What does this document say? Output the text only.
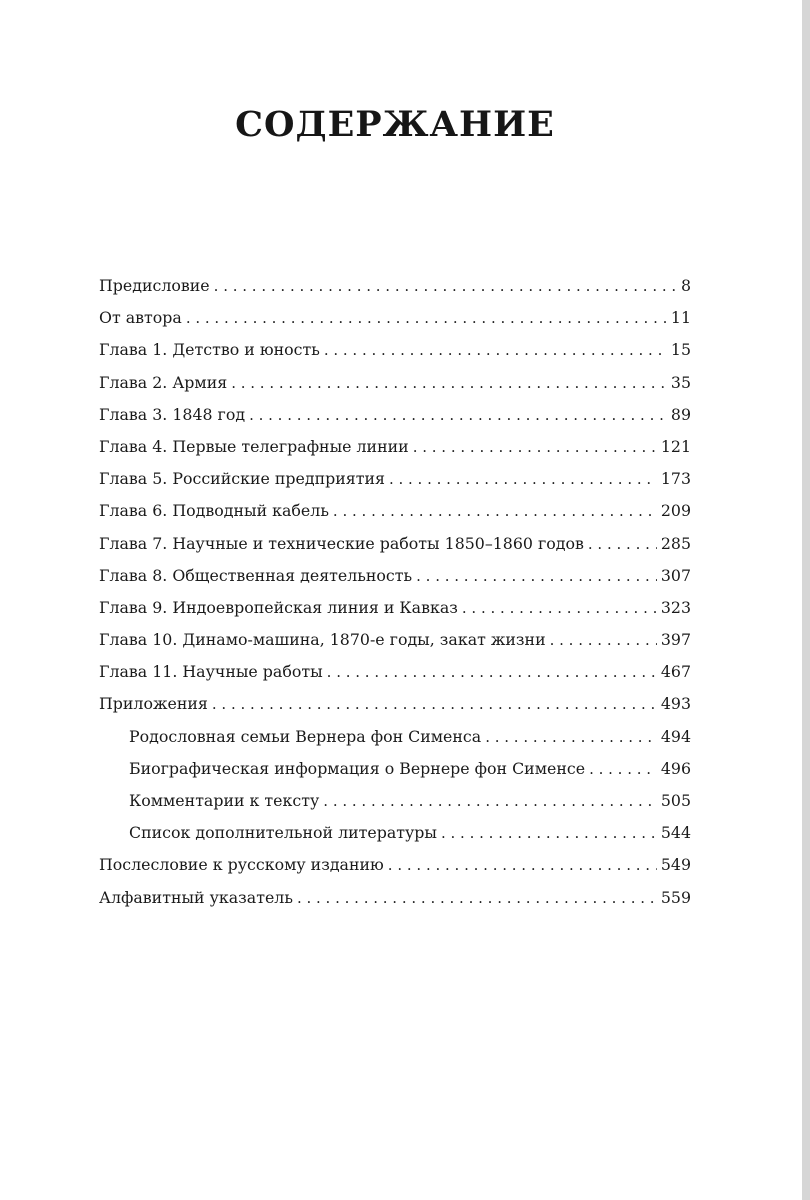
СОДЕРЖАНИЕ
Предисловие . . .	8
От автора . . .	11
Глава 1. Детство и юность . . .	15
Глава 2. Армия . . .	35
Глава 3. 1848 год . . .	89
Глава 4. Первые телеграфные линии . . .	121
Глава 5. Российские предприятия . . .	173
Глава 6. Подводный кабель . . .	209
Глава 7. Научные и технические работы 1850–1860 годов . . .	285
Глава 8. Общественная деятельность . . .	307
Глава 9. Индоевропейская линия и Кавказ . . .	323
Глава 10. Динамо-машина, 1870-е годы, закат жизни . . .	397
Глава 11. Научные работы . . .	467
Приложения . . .	493
Родословная семьи Вернера фон Сименса . . .	494
Биографическая информация о Вернере фон Сименсе . . .	496
Комментарии к тексту . . .	505
Список дополнительной литературы . . .	544
Послесловие к русскому изданию . . .	549
Алфавитный указатель . . .	559
